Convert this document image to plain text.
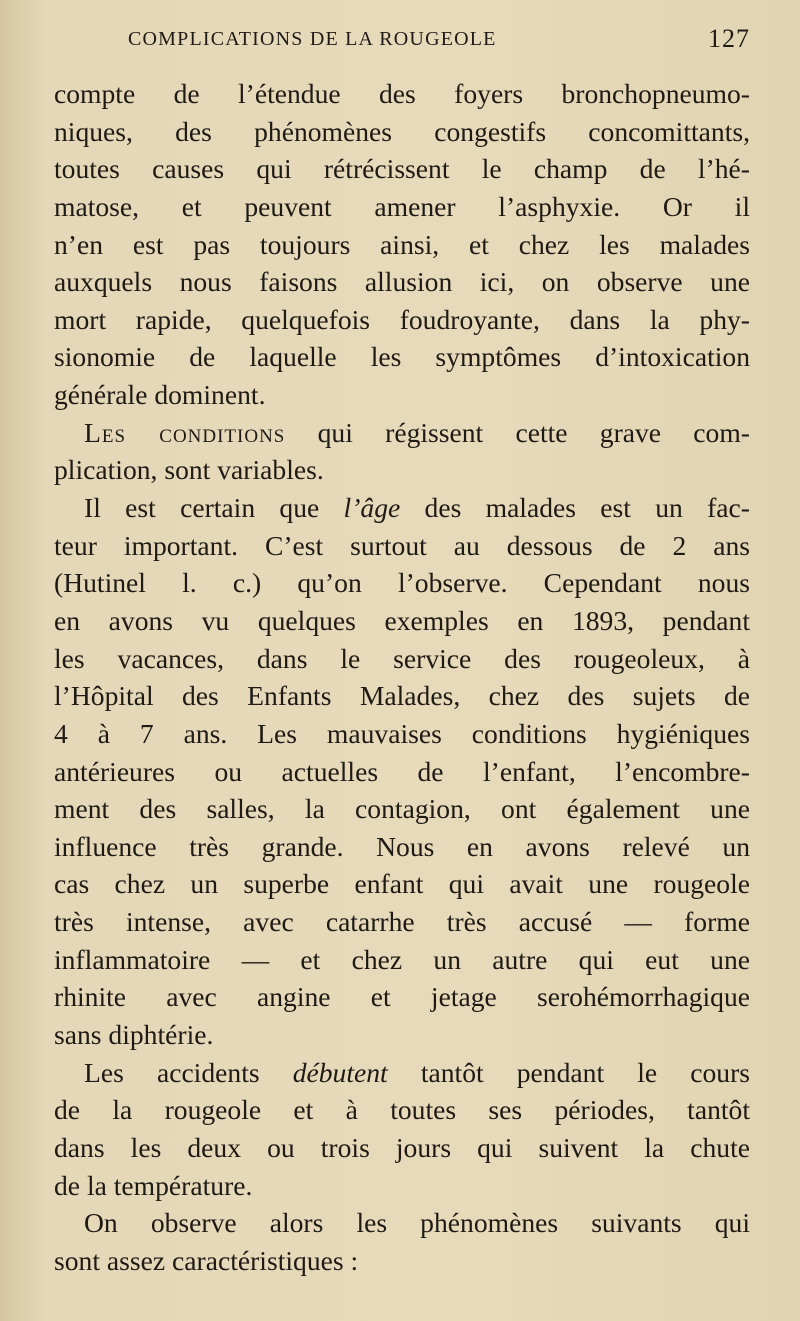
COMPLICATIONS DE LA ROUGEOLE	127
compte de l’étendue des foyers bronchopneumo-
niques, des phénomènes congestifs concomittants,
toutes causes qui rétrécissent le champ de l’hé-
matose, et peuvent amener l’asphyxie. Or il
n’en est pas toujours ainsi, et chez les malades
auxquels nous faisons allusion ici, on observe une
mort rapide, quelquefois foudroyante, dans la phy-
sionomie de laquelle les symptômes d’intoxication
générale dominent.
Les conditions qui régissent cette grave com-
plication, sont variables.
Il est certain que l’âge des malades est un fac-
teur important. C’est surtout au dessous de 2 ans
(Hutinel l. c.) qu’on l’observe. Cependant nous
en avons vu quelques exemples en 1893, pendant
les vacances, dans le service des rougeoleux, à
l’Hôpital des Enfants Malades, chez des sujets de
4 à 7 ans. Les mauvaises conditions hygiéniques
antérieures ou actuelles de l’enfant, l’encombre-
ment des salles, la contagion, ont également une
influence très grande. Nous en avons relevé un
cas chez un superbe enfant qui avait une rougeole
très intense, avec catarrhe très accusé — forme
inflammatoire — et chez un autre qui eut une
rhinite avec angine et jetage serohémorrhagique
sans diphtérie.
Les accidents débutent tantôt pendant le cours
de la rougeole et à toutes ses périodes, tantôt
dans les deux ou trois jours qui suivent la chute
de la température.
On observe alors les phénomènes suivants qui
sont assez caractéristiques :
